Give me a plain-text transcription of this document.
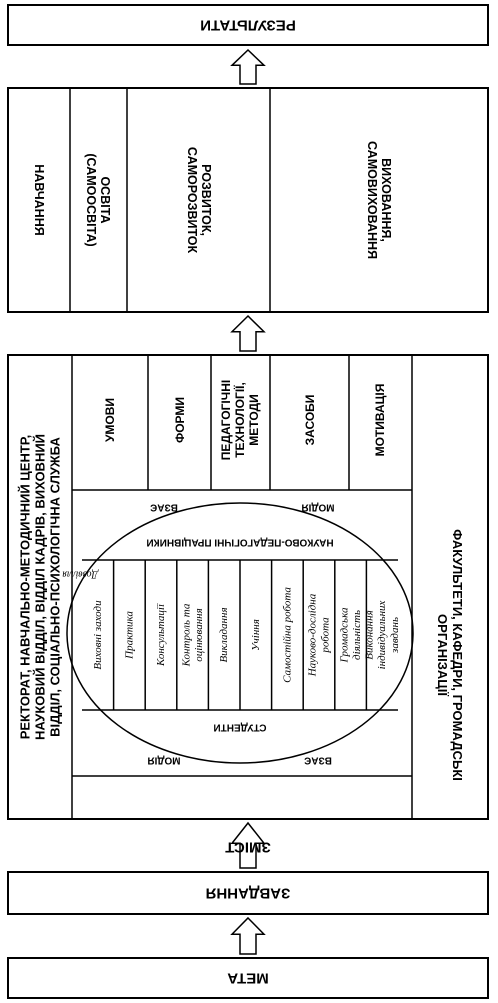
РЕЗУЛЬТАТИ
ЗМІСТ
ЗАВДАННЯ
МЕТА
НАВЧАННЯ	ОСВІТА
(САМООСВІТА)	РОЗВИТОК,
САМОРОЗВИТОК	ВИХОВАННЯ,
САМОВИХОВАННЯ
РЕКТОРАТ, НАВЧАЛЬНО-МЕТОДИЧНИЙ ЦЕНТР, НАУКОВИЙ ВІДДІЛ, ВІДДІЛ КАДРІВ, ВИХОВНИЙ ВІДДІЛ, СОЦІАЛЬНО-ПСИХОЛОГІЧНА СЛУЖБА	ФАКУЛЬТЕТИ, КАФЕДРИ, ГРОМАДСЬКІ
ОРГАНІЗАЦІЇ
УМОВИ	ФОРМИ	ПЕДАГОГІЧНІ ТЕХНОЛОГІЇ, МЕТОДИ	ЗАСОБИ	МОТИВАЦІЯ
Виховні заходи Практика Консультації Контроль та оцінювання Викладання Учіння Самостійна робота Науково-дослідна робота Громадська діяльність Виконання індивідуальних завдань
НАУКОВО-ПЕДАГОГІЧНІ ПРАЦІВНИКИ
СТУДЕНТИ
Дозвілля
ВЗАЄ	МОДІЯ
МОДІЯ	ВЗАЄ
